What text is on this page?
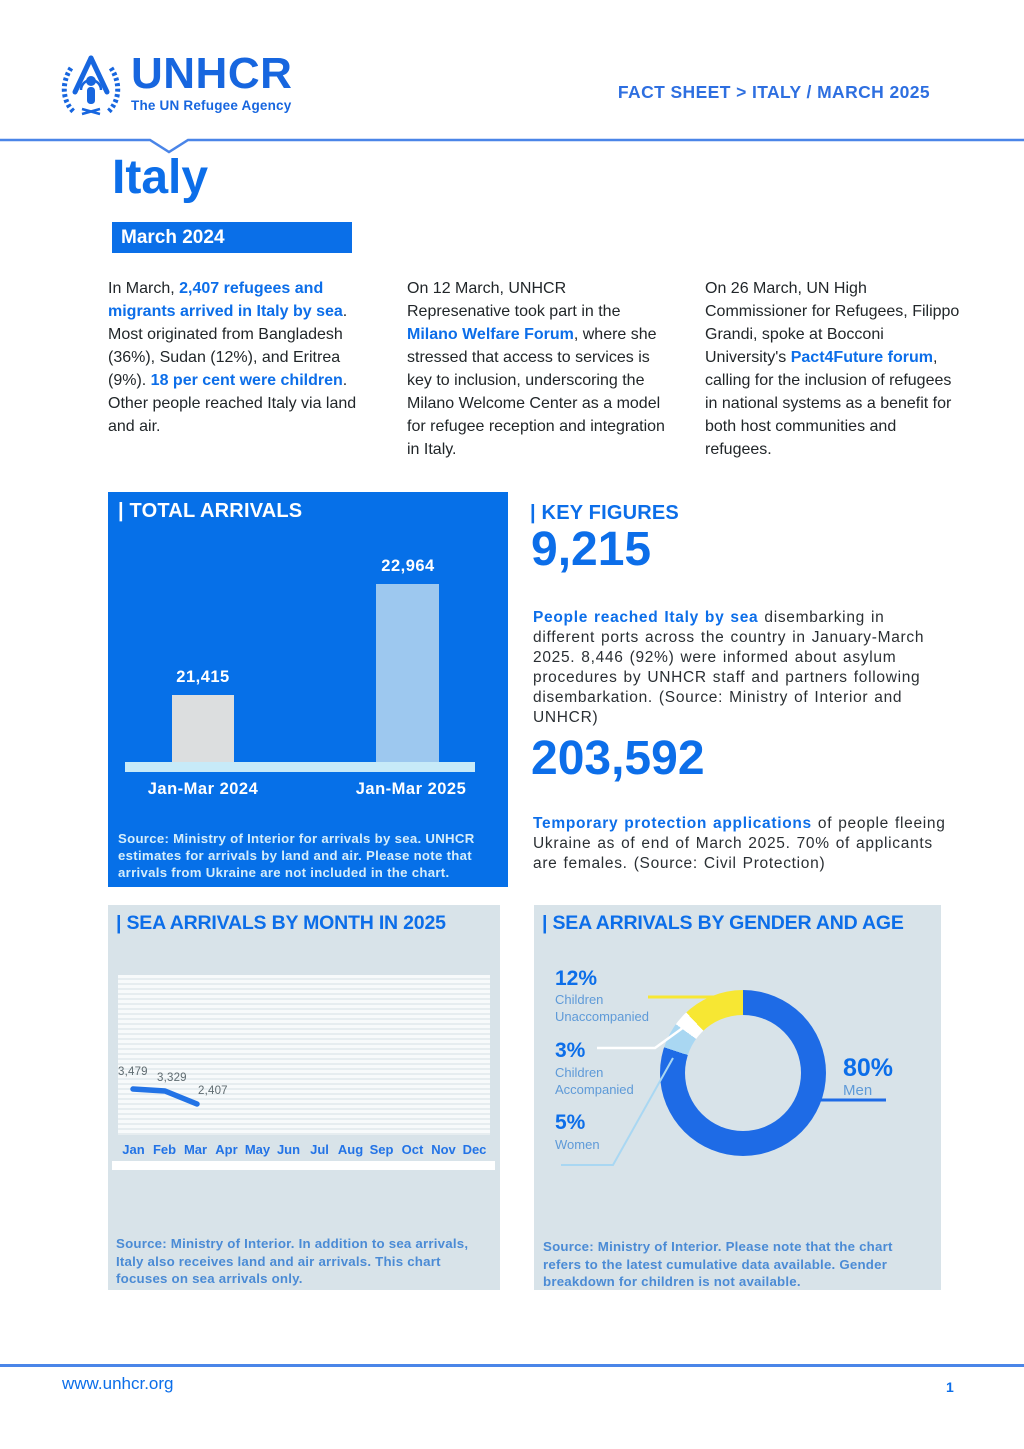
UNHCR
The UN Refugee Agency
FACT SHEET > ITALY / MARCH 2025
Italy
March 2024

In March, 2,407 refugees and migrants arrived in Italy by sea. Most originated from Bangladesh (36%), Sudan (12%), and Eritrea (9%). 18 per cent were children. Other people reached Italy via land and air.

On 12 March, UNHCR Represenative took part in the Milano Welfare Forum, where she stressed that access to services is key to inclusion, underscoring the Milano Welcome Center as a model for refugee reception and integration in Italy.

On 26 March, UN High Commissioner for Refugees, Filippo Grandi, spoke at Bocconi University's Pact4Future forum, calling for the inclusion of refugees in national systems as a benefit for both host communities and refugees.

| TOTAL ARRIVALS
21,415
22,964
Jan-Mar 2024	Jan-Mar 2025
Source: Ministry of Interior for arrivals by sea. UNHCR estimates for arrivals by land and air. Please note that arrivals from Ukraine are not included in the chart.
| KEY FIGURES
9,215

People reached Italy by sea disembarking in different ports across the country in January-March 2025. 8,446 (92%) were informed about asylum procedures by UNHCR staff and partners following disembarkation. (Source: Ministry of Interior and UNHCR)

203,592

Temporary protection applications of people fleeing Ukraine as of end of March 2025. 70% of applicants are females. (Source: Civil Protection)

| SEA ARRIVALS BY MONTH IN 2025
3,479 3,329
2,407
Jan Feb Mar Apr May Jun Jul Aug Sep Oct Nov Dec
Source: Ministry of Interior. In addition to sea arrivals, Italy also receives land and air arrivals. This chart focuses on sea arrivals only.
| SEA ARRIVALS BY GENDER AND AGE
12%
Children
Unaccompanied
3%
Children
Accompanied
5%
Women
80%
Men
Source: Ministry of Interior. Please note that the chart refers to the latest cumulative data available. Gender breakdown for children is not available.
www.unhcr.org	1
